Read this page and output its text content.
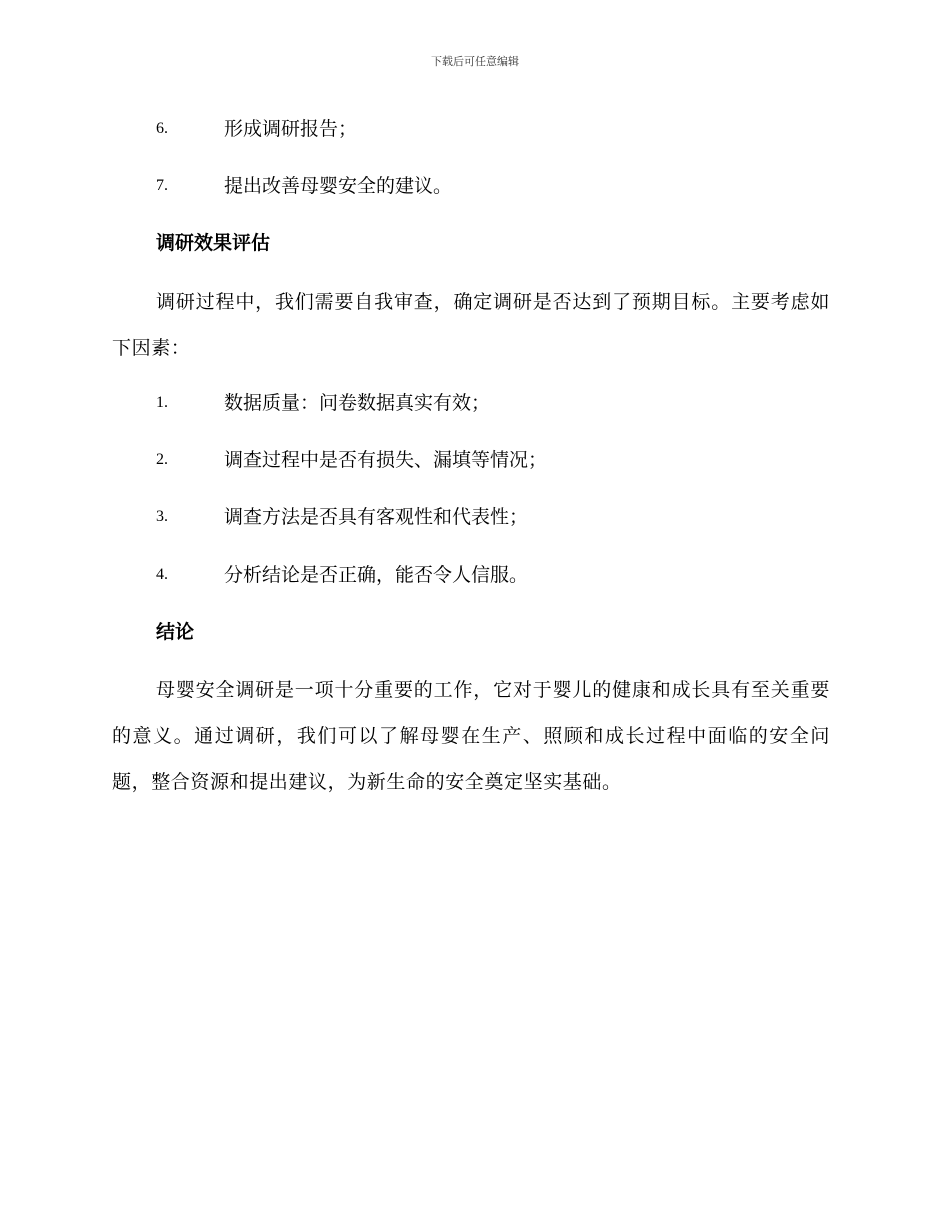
下载后可任意编辑
6.	形成调研报告；
7.	提出改善母婴安全的建议。
调研效果评估
调研过程中，我们需要自我审查，确定调研是否达到了预期目标。主要考虑如下因素：
1.	数据质量：问卷数据真实有效；
2.	调查过程中是否有损失、漏填等情况；
3.	调查方法是否具有客观性和代表性；
4.	分析结论是否正确，能否令人信服。
结论
母婴安全调研是一项十分重要的工作，它对于婴儿的健康和成长具有至关重要的意义。通过调研，我们可以了解母婴在生产、照顾和成长过程中面临的安全问题，整合资源和提出建议，为新生命的安全奠定坚实基础。
